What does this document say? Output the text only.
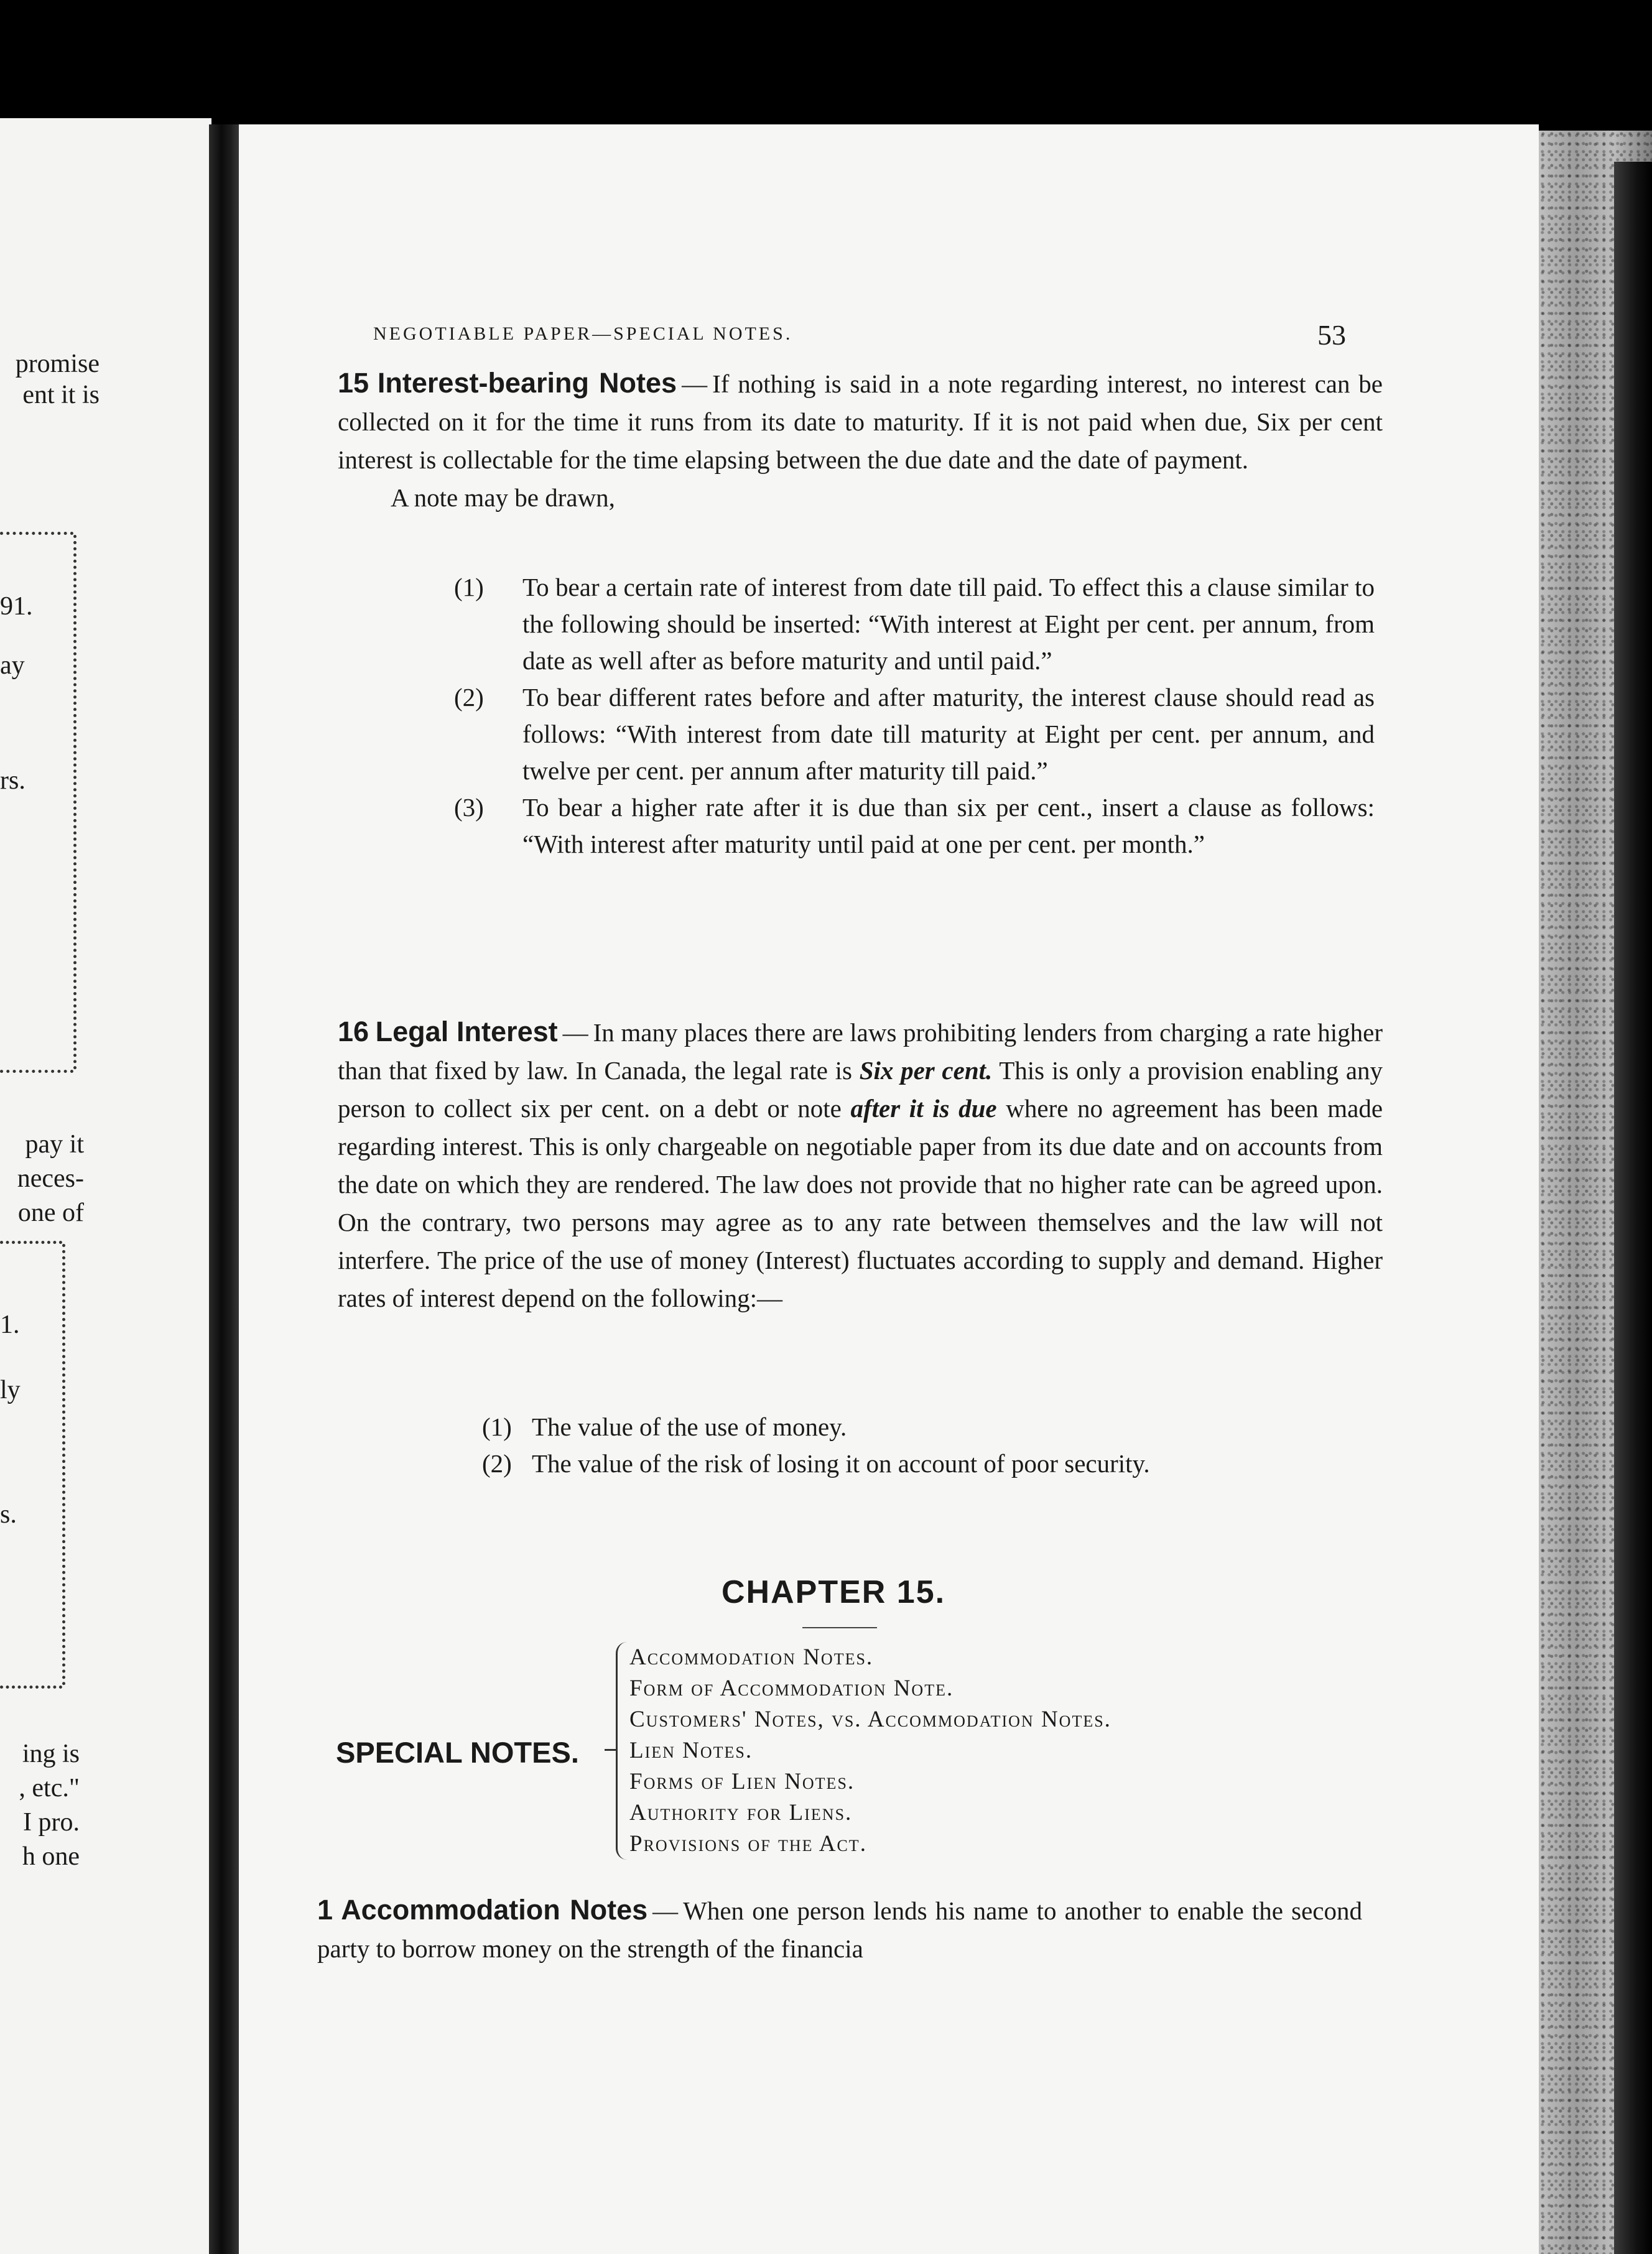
promise
ent it is
91.
ay
rs.
pay it
neces-
one of
1.
ly
s.
ing is
, etc."
I pro.
h one
NEGOTIABLE PAPER—SPECIAL NOTES.	53
15 Interest-bearing Notes — If nothing is said in a note regarding interest, no interest can be collected on it for the time it runs from its date to maturity. If it is not paid when due, Six per cent interest is collectable for the time elapsing between the due date and the date of payment.
A note may be drawn,
(1)	To bear a certain rate of interest from date till paid. To effect this a clause similar to the following should be inserted: “With interest at Eight per cent. per annum, from date as well after as before maturity and until paid.”
(2)	To bear different rates before and after maturity, the interest clause should read as follows: “With interest from date till maturity at Eight per cent. per annum, and twelve per cent. per annum after maturity till paid.”
(3)	To bear a higher rate after it is due than six per cent., insert a clause as follows: “With interest after maturity until paid at one per cent. per month.”
16 Legal Interest — In many places there are laws prohibiting lenders from charging a rate higher than that fixed by law. In Canada, the legal rate is Six per cent. This is only a provision enabling any person to collect six per cent. on a debt or note after it is due where no agreement has been made regarding interest. This is only chargeable on negotiable paper from its due date and on accounts from the date on which they are rendered. The law does not provide that no higher rate can be agreed upon. On the contrary, two persons may agree as to any rate between themselves and the law will not interfere. The price of the use of money (Interest) fluctuates according to supply and demand. Higher rates of interest depend on the following:—
(1) The value of the use of money.
(2) The value of the risk of losing it on account of poor security.
CHAPTER 15.
SPECIAL NOTES.
Accommodation Notes.
Form of Accommodation Note.
Customers' Notes, vs. Accommodation Notes.
Lien Notes.
Forms of Lien Notes.
Authority for Liens.
Provisions of the Act.
1 Accommodation Notes — When one person lends his name to another to enable the second party to borrow money on the strength of the financia
